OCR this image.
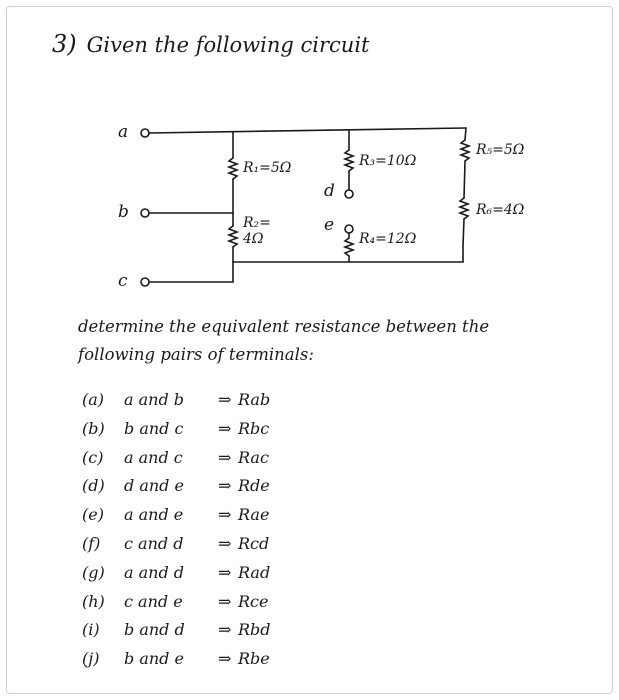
3) Given the following circuit
a
b
c
d
e
R₁=5Ω
R₂=
4Ω
R₃=10Ω
R₄=12Ω
R₅=5Ω
R₆=4Ω
determine the equivalent resistance between the following pairs of terminals:
(a) a and b ⇒ Rab
(b) b and c ⇒ Rbc
(c) a and c ⇒ Rac
(d) d and e ⇒ Rde
(e) a and e ⇒ Rae
(f) c and d ⇒ Rcd
(g) a and d ⇒ Rad
(h) c and e ⇒ Rce
(i) b and d ⇒ Rbd
(j) b and e ⇒ Rbe
